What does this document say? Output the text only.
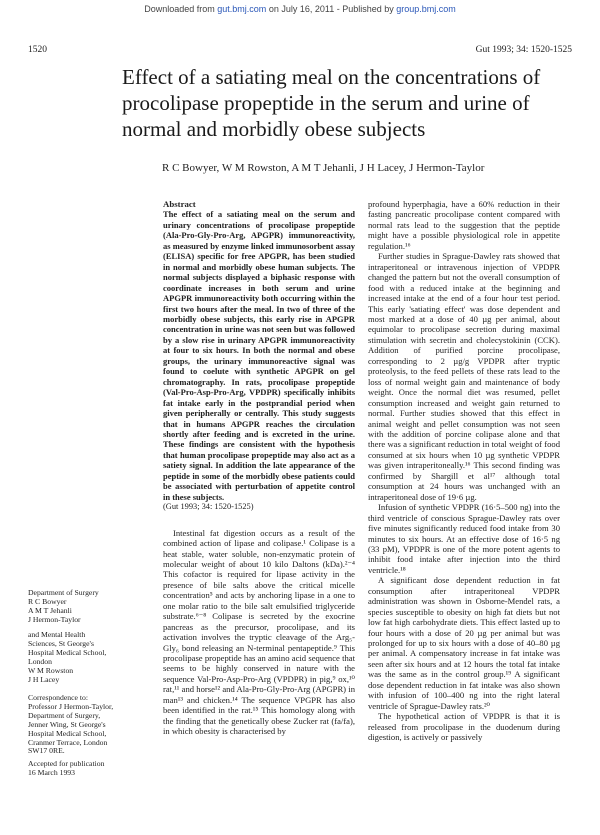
Downloaded from gut.bmj.com on July 16, 2011 - Published by group.bmj.com
1520	Gut 1993; 34: 1520-1525
Effect of a satiating meal on the concentrations of procolipase propeptide in the serum and urine of normal and morbidly obese subjects
R C Bowyer, W M Rowston, A M T Jehanli, J H Lacey, J Hermon-Taylor
Department of Surgery
R C Bowyer
A M T Jehanli
J Hermon-Taylor
and Mental Health
Sciences, St George's
Hospital Medical School,
London
W M Rowston
J H Lacey
Correspondence to:
Professor J Hermon-Taylor,
Department of Surgery,
Jenner Wing, St George's
Hospital Medical School,
Cranmer Terrace, London
SW17 0RE.
Accepted for publication
16 March 1993
Abstract

The effect of a satiating meal on the serum and urinary concentrations of procolipase propeptide (Ala-Pro-Gly-Pro-Arg, APGPR) immunoreactivity, as measured by enzyme linked immunosorbent assay (ELISA) specific for free APGPR, has been studied in normal and morbidly obese human subjects. The normal subjects displayed a biphasic response with coordinate increases in both serum and urine APGPR immunoreactivity both occurring within the first two hours after the meal. In two of three of the morbidly obese subjects, this early rise in APGPR concentration in urine was not seen but was followed by a slow rise in urinary APGPR immunoreactivity at four to six hours. In both the normal and obese groups, the urinary immunoreactive signal was found to coelute with synthetic APGPR on gel chromatography. In rats, procolipase propeptide (Val-Pro-Asp-Pro-Arg, VPDPR) specifically inhibits fat intake early in the postprandial period when given peripherally or centrally. This study suggests that in humans APGPR reaches the circulation shortly after feeding and is excreted in the urine. These findings are consistent with the hypothesis that human procolipase propeptide may also act as a satiety signal. In addition the late appearance of the peptide in some of the morbidly obese patients could be associated with perturbation of appetite control in these subjects.

(Gut 1993; 34: 1520-1525)

Intestinal fat digestion occurs as a result of the combined action of lipase and colipase.¹ Colipase is a heat stable, water soluble, non-enzymatic protein of molecular weight of about 10 kilo Daltons (kDa).²⁻⁴ This cofactor is required for lipase activity in the presence of bile salts above the critical micelle concentration⁵ and acts by anchoring lipase in a one to one molar ratio to the bile salt emulsified triglyceride substrate.⁶⁻⁸ Colipase is secreted by the exocrine pancreas as the precursor, procolipase, and its activation involves the tryptic cleavage of the Arg₅-Gly₆ bond releasing an N-terminal pentapeptide.⁹ This procolipase propeptide has an amino acid sequence that seems to be highly conserved in nature with the sequence Val-Pro-Asp-Pro-Arg (VPDPR) in pig,⁹ ox,¹⁰ rat,¹¹ and horse¹² and Ala-Pro-Gly-Pro-Arg (APGPR) in man¹³ and chicken.¹⁴ The sequence VPGPR has also been identified in the rat.¹⁵ This homology along with the finding that the genetically obese Zucker rat (fa/fa), in which obesity is characterised by

profound hyperphagia, have a 60% reduction in their fasting pancreatic procolipase content compared with normal rats lead to the suggestion that the peptide might have a possible physiological role in appetite regulation.¹⁶

Further studies in Sprague-Dawley rats showed that intraperitoneal or intravenous injection of VPDPR changed the pattern but not the overall consumption of food with a reduced intake at the beginning and increased intake at the end of a four hour test period. This early 'satiating effect' was dose dependent and most marked at a dose of 40 µg per animal, about equimolar to procolipase secretion during maximal stimulation with secretin and cholecystokinin (CCK). Addition of purified porcine procolipase, corresponding to 2 µg/g VPDPR after tryptic proteolysis, to the feed pellets of these rats lead to the loss of normal weight gain and maintenance of body weight. Once the normal diet was resumed, pellet consumption increased and weight gain returned to normal. Further studies showed that this effect in animal weight and pellet consumption was not seen with the addition of porcine colipase alone and that there was a significant reduction in total weight of food consumed at six hours when 10 µg synthetic VPDPR was given intraperitoneally.¹⁶ This second finding was confirmed by Shargill et al¹⁷ although total consumption at 24 hours was unchanged with an intraperitoneal dose of 19·6 µg.

Infusion of synthetic VPDPR (16·5–500 ng) into the third ventricle of conscious Sprague-Dawley rats over five minutes significantly reduced food intake from 30 minutes to six hours. At an effective dose of 16·5 ng (33 pM), VPDPR is one of the more potent agents to inhibit food intake after injection into the third ventricle.¹⁸

A significant dose dependent reduction in fat consumption after intraperitoneal VPDPR administration was shown in Osborne-Mendel rats, a species susceptible to obesity on high fat diets but not low fat high carbohydrate diets. This effect lasted up to four hours with a dose of 20 µg per animal but was prolonged for up to six hours with a dose of 40–80 µg per animal. A compensatory increase in fat intake was seen after six hours and at 12 hours the total fat intake was the same as in the control group.¹⁹ A significant dose dependent reduction in fat intake was also shown with infusion of 100–400 ng into the right lateral ventricle of Sprague-Dawley rats.²⁰

The hypothetical action of VPDPR is that it is released from procolipase in the duodenum during digestion, is actively or passively
